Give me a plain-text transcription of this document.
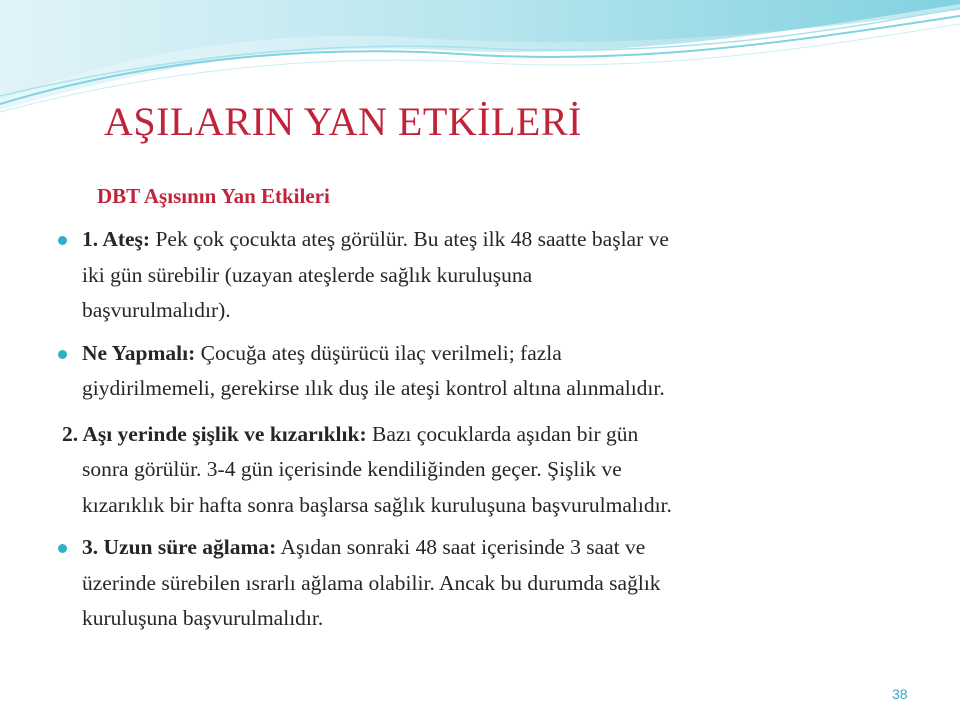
AŞILARIN YAN ETKİLERİ
DBT Aşısının Yan Etkileri

1. Ateş: Pek çok çocukta ateş görülür. Bu ateş ilk 48 saatte başlar ve
iki gün sürebilir (uzayan ateşlerde sağlık kuruluşuna
başvurulmalıdır).

Ne Yapmalı: Çocuğa ateş düşürücü ilaç verilmeli; fazla
giydirilmemeli, gerekirse ılık duş ile ateşi kontrol altına alınmalıdır.

2. Aşı yerinde şişlik ve kızarıklık: Bazı çocuklarda aşıdan bir gün

sonra görülür. 3-4 gün içerisinde kendiliğinden geçer. Şişlik ve
kızarıklık bir hafta sonra başlarsa sağlık kuruluşuna başvurulmalıdır.

3. Uzun süre ağlama: Aşıdan sonraki 48 saat içerisinde 3 saat ve
üzerinde sürebilen ısrarlı ağlama olabilir. Ancak bu durumda sağlık
kuruluşuna başvurulmalıdır.

38
